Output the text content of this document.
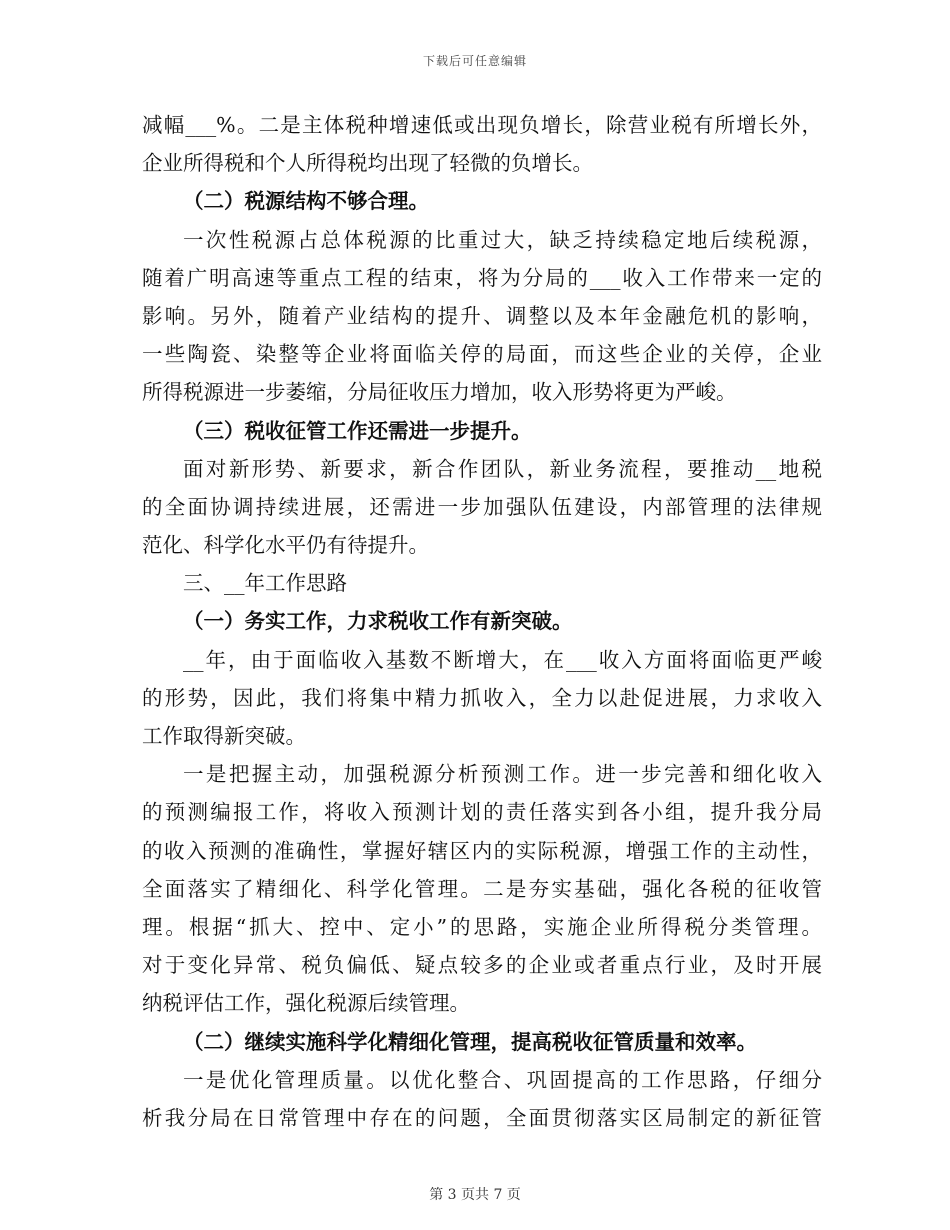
下载后可任意编辑
减幅___%。二是主体税种增速低或出现负增长，除营业税有所增长外，
企业所得税和个人所得税均出现了轻微的负增长。
（二）税源结构不够合理。
一次性税源占总体税源的比重过大，缺乏持续稳定地后续税源，
随着广明高速等重点工程的结束，将为分局的___收入工作带来一定的
影响。另外，随着产业结构的提升、调整以及本年金融危机的影响，
一些陶瓷、染整等企业将面临关停的局面，而这些企业的关停，企业
所得税源进一步萎缩，分局征收压力增加，收入形势将更为严峻。
（三）税收征管工作还需进一步提升。
面对新形势、新要求，新合作团队，新业务流程，要推动__地税
的全面协调持续进展，还需进一步加强队伍建设，内部管理的法律规
范化、科学化水平仍有待提升。
三、__年工作思路
（一）务实工作，力求税收工作有新突破。
__年，由于面临收入基数不断增大，在___收入方面将面临更严峻
的形势，因此，我们将集中精力抓收入，全力以赴促进展，力求收入
工作取得新突破。
一是把握主动，加强税源分析预测工作。进一步完善和细化收入
的预测编报工作，将收入预测计划的责任落实到各小组，提升我分局
的收入预测的准确性，掌握好辖区内的实际税源，增强工作的主动性，
全面落实了精细化、科学化管理。二是夯实基础，强化各税的征收管
理。根据“抓大、控中、定小”的思路，实施企业所得税分类管理。
对于变化异常、税负偏低、疑点较多的企业或者重点行业，及时开展
纳税评估工作，强化税源后续管理。
（二）继续实施科学化精细化管理，提高税收征管质量和效率。
一是优化管理质量。以优化整合、巩固提高的工作思路，仔细分
析我分局在日常管理中存在的问题，全面贯彻落实区局制定的新征管
第 3 页共 7 页
